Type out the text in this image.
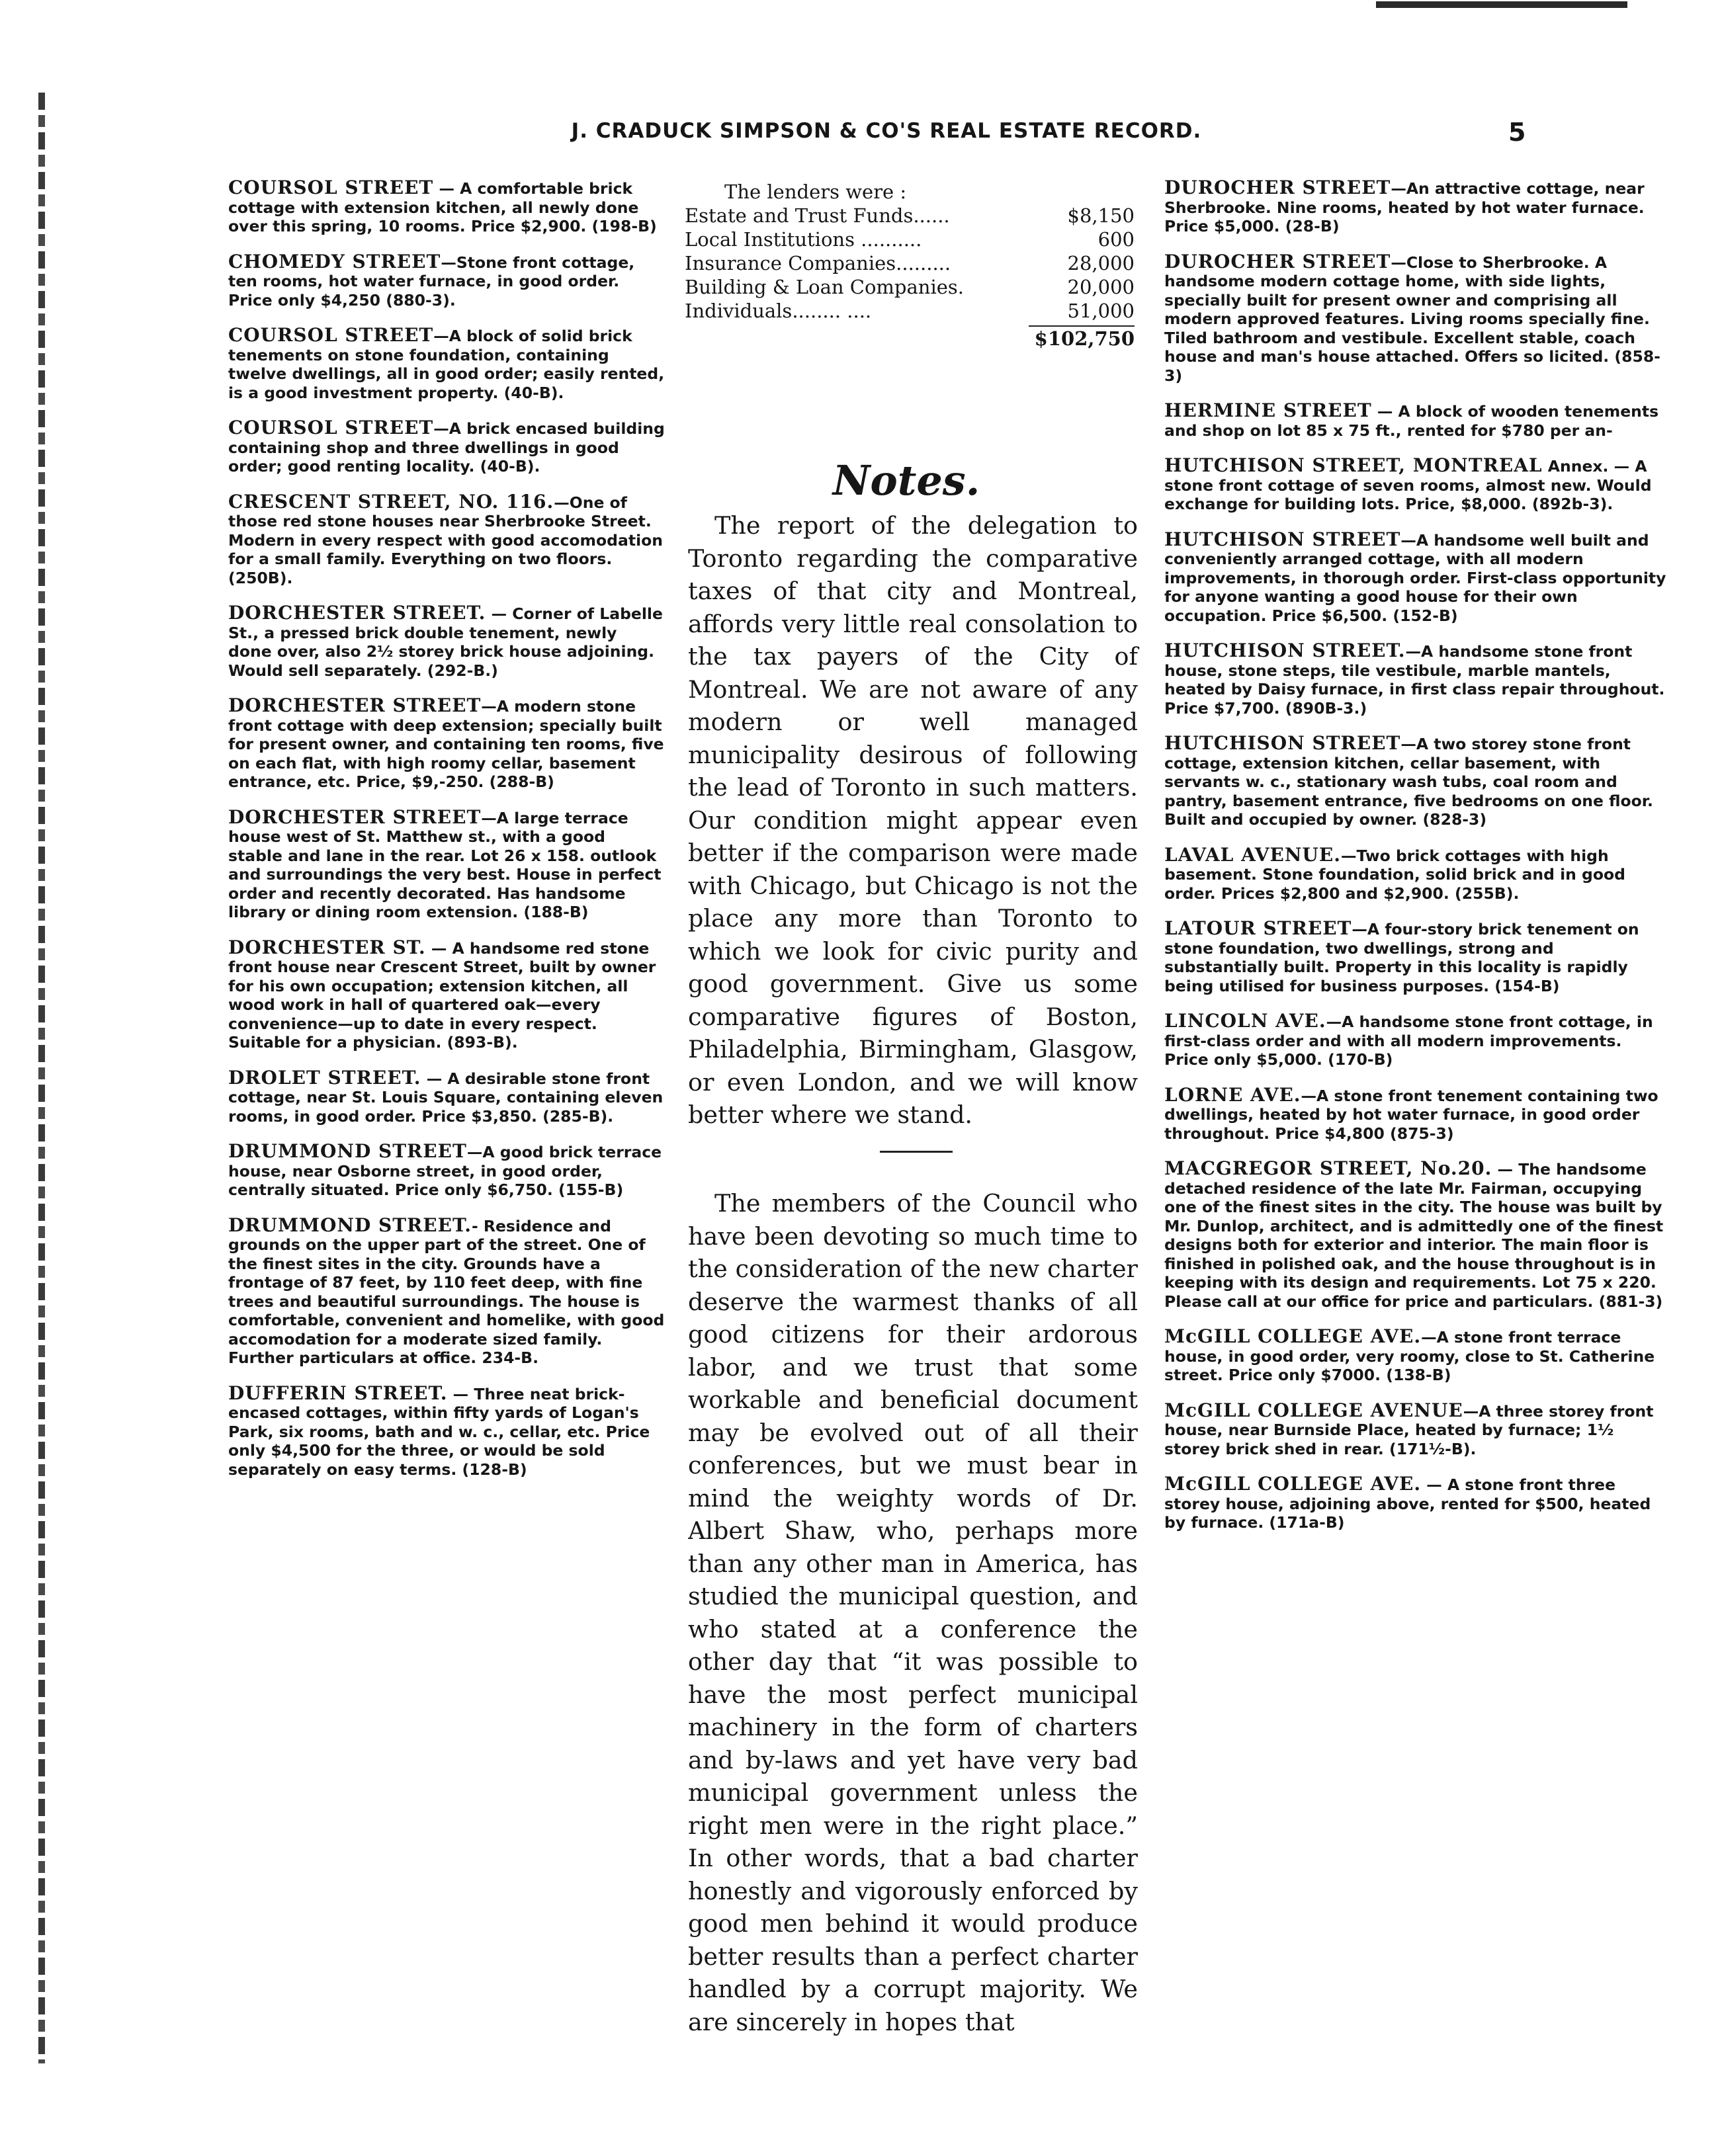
J. CRADUCK SIMPSON & CO'S REAL ESTATE RECORD.	5
COURSOL STREET — A comfortable brick cottage with extension kitchen, all newly done over this spring, 10 rooms. Price $2,900. (198-B)
CHOMEDY STREET—Stone front cottage, ten rooms, hot water furnace, in good order. Price only $4,250 (880-3).
COURSOL STREET—A block of solid brick tenements on stone foundation, containing twelve dwellings, all in good order; easily rented, is a good investment property. (40-B).
COURSOL STREET—A brick encased building containing shop and three dwellings in good order; good renting locality. (40-B).
CRESCENT STREET, NO. 116.—One of those red stone houses near Sherbrooke Street. Modern in every respect with good accomodation for a small family. Everything on two floors. (250B).
DORCHESTER STREET. — Corner of Labelle St., a pressed brick double tenement, newly done over, also 2½ storey brick house adjoining. Would sell separately. (292-B.)
DORCHESTER STREET—A modern stone front cottage with deep extension; specially built for present owner, and containing ten rooms, five on each flat, with high roomy cellar, basement entrance, etc. Price, $9,-250. (288-B)
DORCHESTER STREET—A large terrace house west of St. Matthew st., with a good stable and lane in the rear. Lot 26 x 158. outlook and surroundings the very best. House in perfect order and recently decorated. Has handsome library or dining room extension. (188-B)
DORCHESTER ST. — A handsome red stone front house near Crescent Street, built by owner for his own occupation; extension kitchen, all wood work in hall of quartered oak—every convenience—up to date in every respect. Suitable for a physician. (893-B).
DROLET STREET. — A desirable stone front cottage, near St. Louis Square, containing eleven rooms, in good order. Price $3,850. (285-B).
DRUMMOND STREET—A good brick terrace house, near Osborne street, in good order, centrally situated. Price only $6,750. (155-B)
DRUMMOND STREET.- Residence and grounds on the upper part of the street. One of the finest sites in the city. Grounds have a frontage of 87 feet, by 110 feet deep, with fine trees and beautiful surroundings. The house is comfortable, convenient and homelike, with good accomodation for a moderate sized family. Further particulars at office. 234-B.
DUFFERIN STREET. — Three neat brick-encased cottages, within fifty yards of Logan's Park, six rooms, bath and w. c., cellar, etc. Price only $4,500 for the three, or would be sold separately on easy terms. (128-B)
The lenders were :
Estate and Trust Funds......	$8,150
Local Institutions ..........	600
Insurance Companies.........	28,000
Building & Loan Companies.	20,000
Individuals........ ....	51,000
$102,750
Notes.
The report of the delegation to Toronto regarding the comparative taxes of that city and Montreal, affords very little real consolation to the tax payers of the City of Montreal. We are not aware of any modern or well managed municipality desirous of following the lead of Toronto in such matters. Our condition might appear even better if the comparison were made with Chicago, but Chicago is not the place any more than Toronto to which we look for civic purity and good government. Give us some comparative figures of Boston, Philadelphia, Birmingham, Glasgow, or even London, and we will know better where we stand.
The members of the Council who have been devoting so much time to the consideration of the new charter deserve the warmest thanks of all good citizens for their ardorous labor, and we trust that some workable and beneficial document may be evolved out of all their conferences, but we must bear in mind the weighty words of Dr. Albert Shaw, who, perhaps more than any other man in America, has studied the municipal question, and who stated at a conference the other day that “it was possible to have the most perfect municipal machinery in the form of charters and by-laws and yet have very bad municipal government unless the right men were in the right place.” In other words, that a bad charter honestly and vigorously enforced by good men behind it would produce better results than a perfect charter handled by a corrupt majority. We are sincerely in hopes that
DUROCHER STREET—An attractive cottage, near Sherbrooke. Nine rooms, heated by hot water furnace. Price $5,000. (28-B)
DUROCHER STREET—Close to Sherbrooke. A handsome modern cottage home, with side lights, specially built for present owner and comprising all modern approved features. Living rooms specially fine. Tiled bathroom and vestibule. Excellent stable, coach house and man's house attached. Offers so licited. (858-3)
HERMINE STREET — A block of wooden tenements and shop on lot 85 x 75 ft., rented for $780 per an-
HUTCHISON STREET, MONTREAL Annex. — A stone front cottage of seven rooms, almost new. Would exchange for building lots. Price, $8,000. (892b-3).
HUTCHISON STREET—A handsome well built and conveniently arranged cottage, with all modern improvements, in thorough order. First-class opportunity for anyone wanting a good house for their own occupation. Price $6,500. (152-B)
HUTCHISON STREET.—A handsome stone front house, stone steps, tile vestibule, marble mantels, heated by Daisy furnace, in first class repair throughout. Price $7,700. (890B-3.)
HUTCHISON STREET—A two storey stone front cottage, extension kitchen, cellar basement, with servants w. c., stationary wash tubs, coal room and pantry, basement entrance, five bedrooms on one floor. Built and occupied by owner. (828-3)
LAVAL AVENUE.—Two brick cottages with high basement. Stone foundation, solid brick and in good order. Prices $2,800 and $2,900. (255B).
LATOUR STREET—A four-story brick tenement on stone foundation, two dwellings, strong and substantially built. Property in this locality is rapidly being utilised for business purposes. (154-B)
LINCOLN AVE.—A handsome stone front cottage, in first-class order and with all modern improvements. Price only $5,000. (170-B)
LORNE AVE.—A stone front tenement containing two dwellings, heated by hot water furnace, in good order throughout. Price $4,800 (875-3)
MACGREGOR STREET, No.20. — The handsome detached residence of the late Mr. Fairman, occupying one of the finest sites in the city. The house was built by Mr. Dunlop, architect, and is admittedly one of the finest designs both for exterior and interior. The main floor is finished in polished oak, and the house throughout is in keeping with its design and requirements. Lot 75 x 220. Please call at our office for price and particulars. (881-3)
McGILL COLLEGE AVE.—A stone front terrace house, in good order, very roomy, close to St. Catherine street. Price only $7000. (138-B)
McGILL COLLEGE AVENUE—A three storey front house, near Burnside Place, heated by furnace; 1½ storey brick shed in rear. (171½-B).
McGILL COLLEGE AVE. — A stone front three storey house, adjoining above, rented for $500, heated by furnace. (171a-B)
